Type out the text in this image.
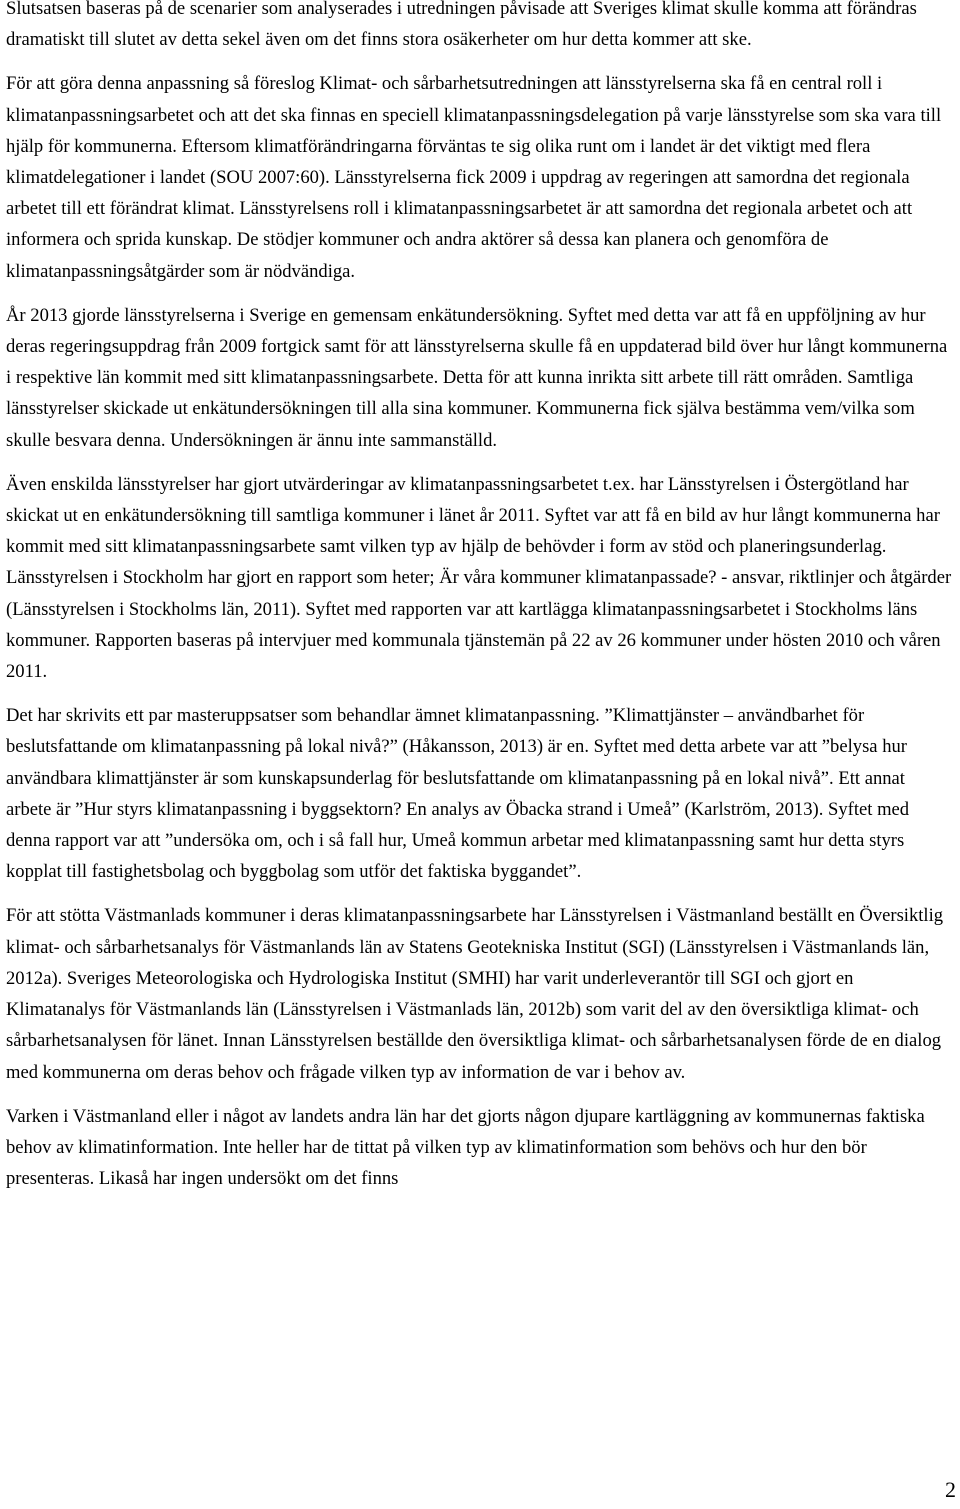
Slutsatsen baseras på de scenarier som analyserades i utredningen påvisade att Sveriges klimat skulle komma att förändras dramatiskt till slutet av detta sekel även om det finns stora osäkerheter om hur detta kommer att ske.

För att göra denna anpassning så föreslog Klimat- och sårbarhetsutredningen att länsstyrelserna ska få en central roll i klimatanpassningsarbetet och att det ska finnas en speciell klimatanpassningsdelegation på varje länsstyrelse som ska vara till hjälp för kommunerna. Eftersom klimatförändringarna förväntas te sig olika runt om i landet är det viktigt med flera klimatdelegationer i landet (SOU 2007:60). Länsstyrelserna fick 2009 i uppdrag av regeringen att samordna det regionala arbetet till ett förändrat klimat. Länsstyrelsens roll i klimatanpassningsarbetet är att samordna det regionala arbetet och att informera och sprida kunskap. De stödjer kommuner och andra aktörer så dessa kan planera och genomföra de klimatanpassningsåtgärder som är nödvändiga.

År 2013 gjorde länsstyrelserna i Sverige en gemensam enkätundersökning. Syftet med detta var att få en uppföljning av hur deras regeringsuppdrag från 2009 fortgick samt för att länsstyrelserna skulle få en uppdaterad bild över hur långt kommunerna i respektive län kommit med sitt klimatanpassningsarbete. Detta för att kunna inrikta sitt arbete till rätt områden. Samtliga länsstyrelser skickade ut enkätundersökningen till alla sina kommuner. Kommunerna fick själva bestämma vem/vilka som skulle besvara denna. Undersökningen är ännu inte sammanställd.

Även enskilda länsstyrelser har gjort utvärderingar av klimatanpassningsarbetet t.ex. har Länsstyrelsen i Östergötland har skickat ut en enkätundersökning till samtliga kommuner i länet år 2011. Syftet var att få en bild av hur långt kommunerna har kommit med sitt klimatanpassningsarbete samt vilken typ av hjälp de behövder i form av stöd och planeringsunderlag. Länsstyrelsen i Stockholm har gjort en rapport som heter; Är våra kommuner klimatanpassade? - ansvar, riktlinjer och åtgärder (Länsstyrelsen i Stockholms län, 2011). Syftet med rapporten var att kartlägga klimatanpassningsarbetet i Stockholms läns kommuner. Rapporten baseras på intervjuer med kommunala tjänstemän på 22 av 26 kommuner under hösten 2010 och våren 2011.

Det har skrivits ett par masteruppsatser som behandlar ämnet klimatanpassning. ”Klimattjänster – användbarhet för beslutsfattande om klimatanpassning på lokal nivå?” (Håkansson, 2013) är en. Syftet med detta arbete var att ”belysa hur användbara klimattjänster är som kunskapsunderlag för beslutsfattande om klimatanpassning på en lokal nivå”. Ett annat arbete är ”Hur styrs klimatanpassning i byggsektorn? En analys av Öbacka strand i Umeå” (Karlström, 2013). Syftet med denna rapport var att ”undersöka om, och i så fall hur, Umeå kommun arbetar med klimatanpassning samt hur detta styrs kopplat till fastighetsbolag och byggbolag som utför det faktiska byggandet”.

För att stötta Västmanlads kommuner i deras klimatanpassningsarbete har Länsstyrelsen i Västmanland beställt en Översiktlig klimat- och sårbarhetsanalys för Västmanlands län av Statens Geotekniska Institut (SGI) (Länsstyrelsen i Västmanlands län, 2012a). Sveriges Meteorologiska och Hydrologiska Institut (SMHI) har varit underleverantör till SGI och gjort en Klimatanalys för Västmanlands län (Länsstyrelsen i Västmanlads län, 2012b) som varit del av den översiktliga klimat- och sårbarhetsanalysen för länet. Innan Länsstyrelsen beställde den översiktliga klimat- och sårbarhetsanalysen förde de en dialog med kommunerna om deras behov och frågade vilken typ av information de var i behov av.

Varken i Västmanland eller i något av landets andra län har det gjorts någon djupare kartläggning av kommunernas faktiska behov av klimatinformation. Inte heller har de tittat på vilken typ av klimatinformation som behövs och hur den bör presenteras. Likaså har ingen undersökt om det finns

2
